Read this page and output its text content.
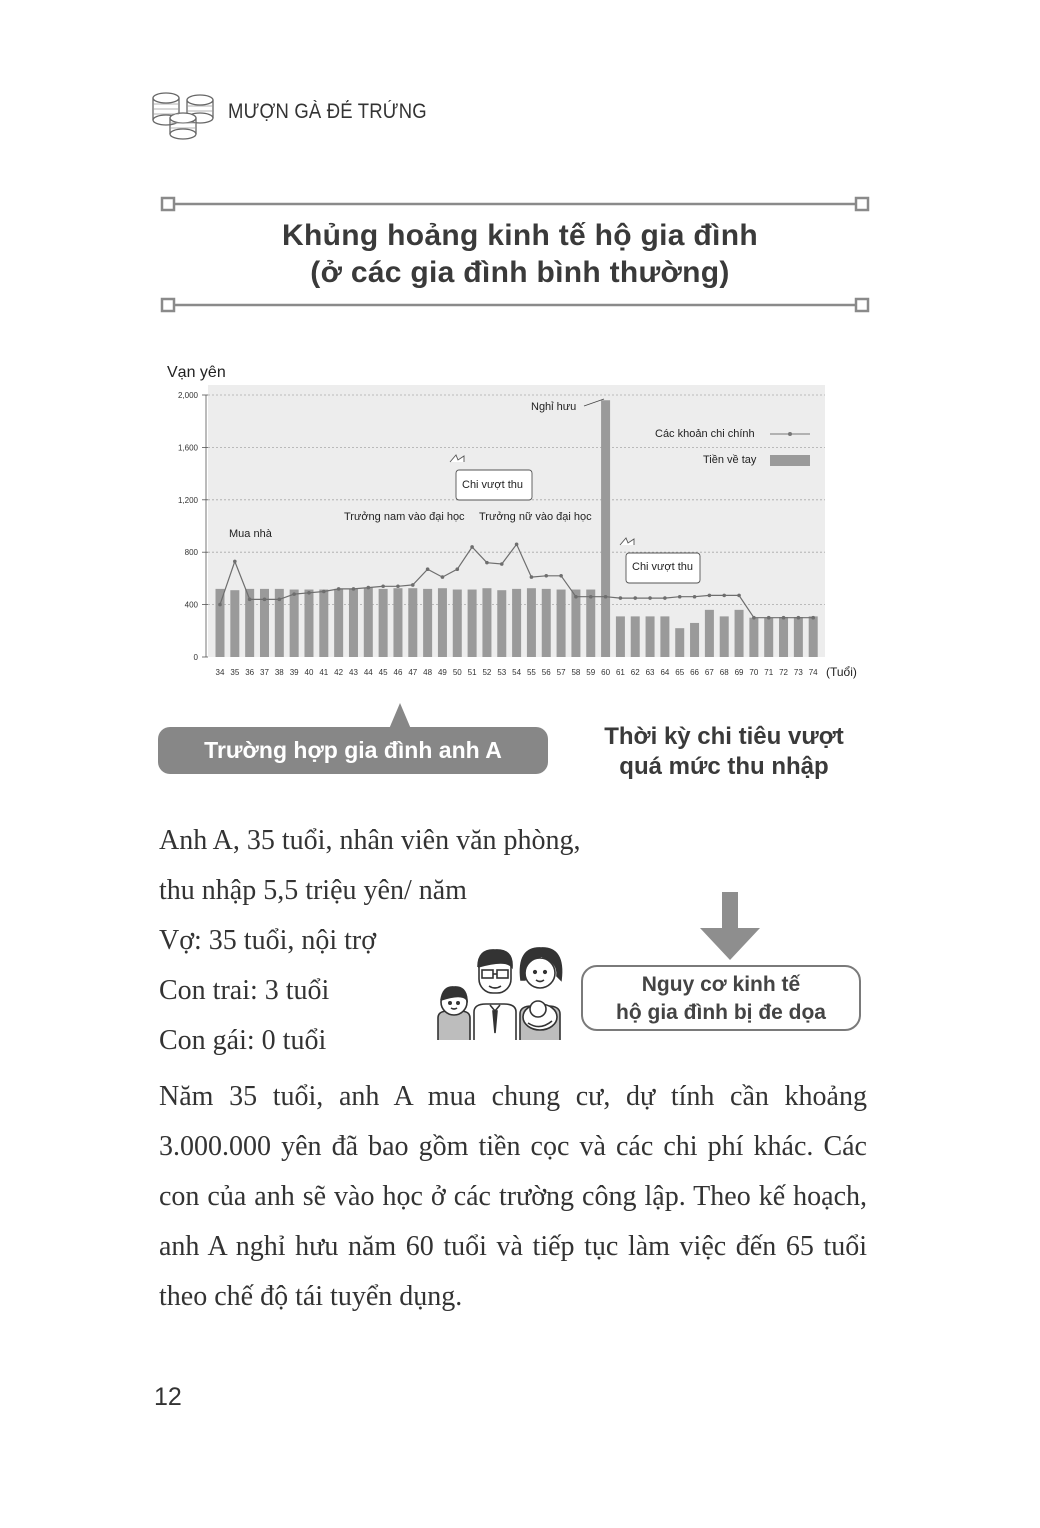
MƯỢN GÀ ĐẺ TRỨNG
Khủng hoảng kinh tế hộ gia đình
(ở các gia đình bình thường)
0
400
800
1,200
1,600
2,000
34 35 36 37 38 39 40 41 42 43 44 45 46 47 48 49 50 51 52 53 54 55 56 57 58 59 60 61 62 63 64 65 66 67 68 69 70 71 72 73 74
Vạn yên
(Tuổi)
Các khoản chi chính
Tiền về tay
Mua nhà
Trưởng nam vào đại học Trưởng nữ vào đại học
Nghỉ hưu
Chi vượt thu
Chi vượt thu
Trường hợp gia đình anh A	Thời kỳ chi tiêu vượt
quá mức thu nhập
Nguy cơ kinh tế
hộ gia đình bị đe dọa
Anh A, 35 tuổi, nhân viên văn phòng,
thu nhập 5,5 triệu yên/ năm
Vợ: 35 tuổi, nội trợ
Con trai: 3 tuổi
Con gái: 0 tuổi
Năm 35 tuổi, anh A mua chung cư, dự tính cần khoảng 3.000.000 yên đã bao gồm tiền cọc và các chi phí khác. Các con của anh sẽ vào học ở các trường công lập. Theo kế hoạch, anh A nghỉ hưu năm 60 tuổi và tiếp tục làm việc đến 65 tuổi theo chế độ tái tuyển dụng.
12
